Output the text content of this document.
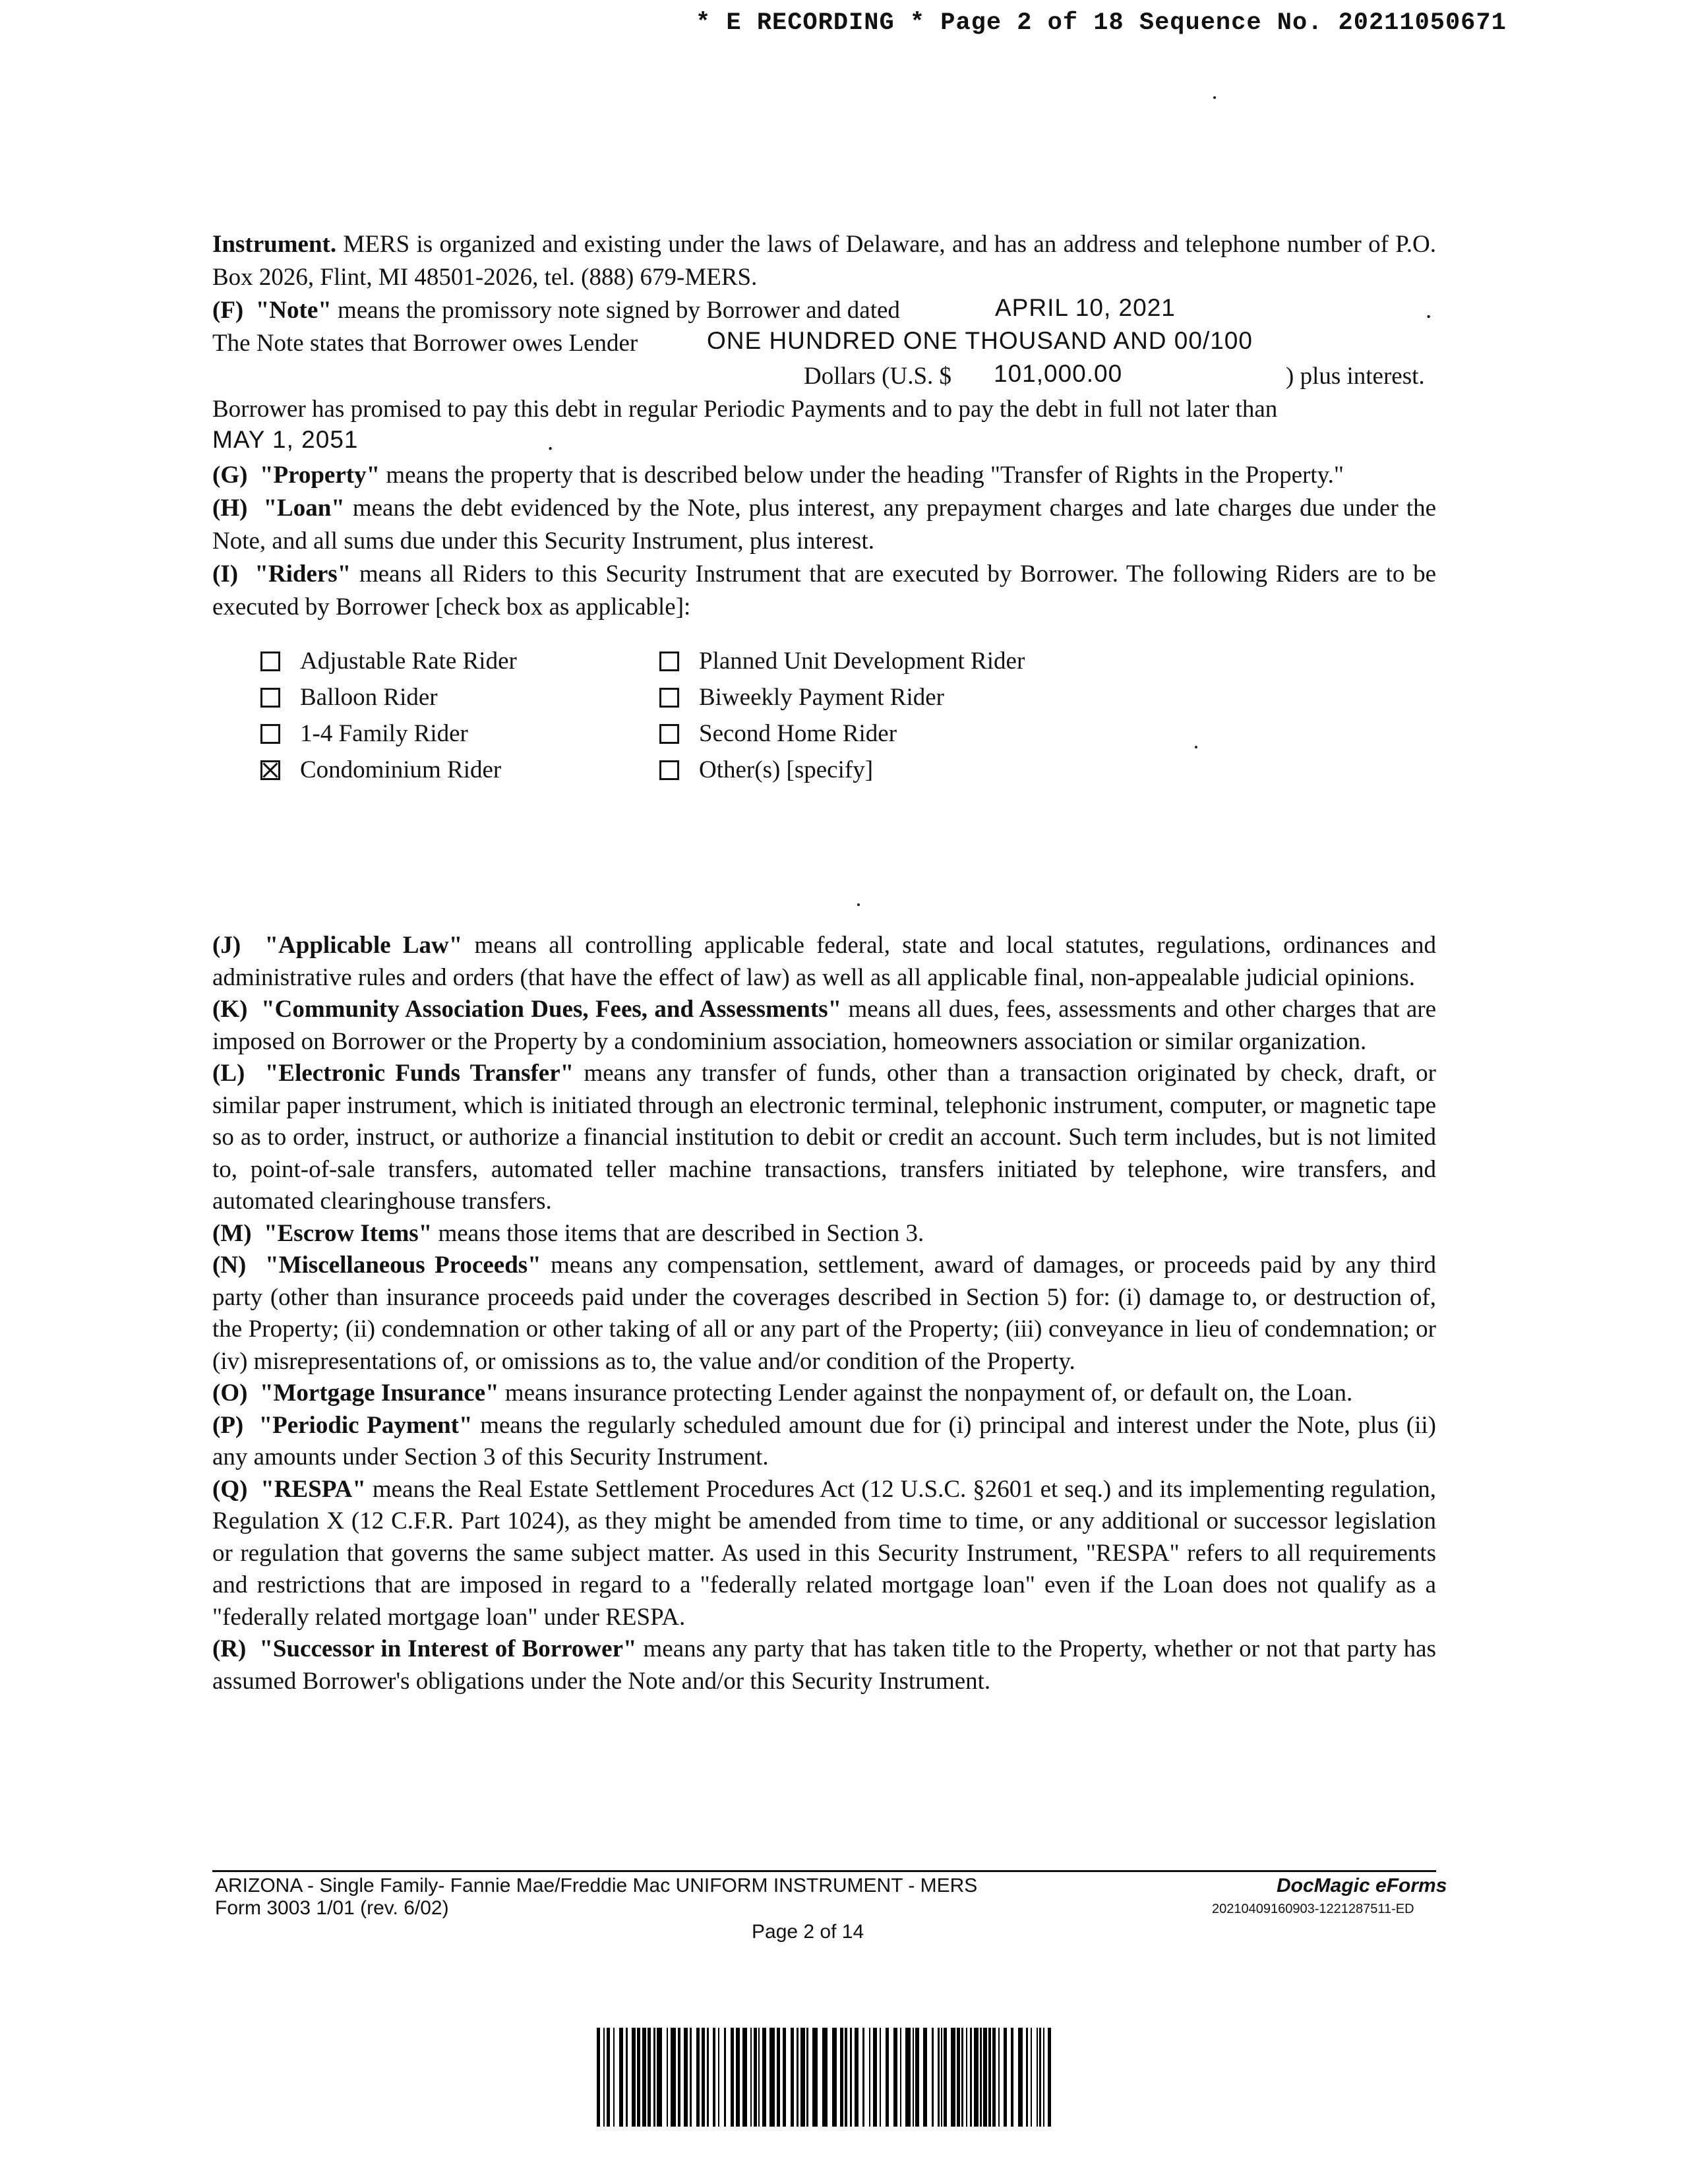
* E RECORDING * Page 2 of 18 Sequence No. 20211050671

Instrument. MERS is organized and existing under the laws of Delaware, and has an address and telephone number of P.O. Box 2026, Flint, MI 48501-2026, tel. (888) 679-MERS.

(F) "Note" means the promissory note signed by Borrower and dated	APRIL 10, 2021	.
The Note states that Borrower owes Lender	ONE HUNDRED ONE THOUSAND AND 00/100
Dollars (U.S. $ 101,000.00	) plus interest.

Borrower has promised to pay this debt in regular Periodic Payments and to pay the debt in full not later than

MAY 1, 2051	.

(G) "Property" means the property that is described below under the heading "Transfer of Rights in the Property."

(H) "Loan" means the debt evidenced by the Note, plus interest, any prepayment charges and late charges due under the Note, and all sums due under this Security Instrument, plus interest.

(I) "Riders" means all Riders to this Security Instrument that are executed by Borrower. The following Riders are to be executed by Borrower [check box as applicable]:

Adjustable Rate Rider
Balloon Rider
1-4 Family Rider
Condominium Rider
Planned Unit Development Rider
Biweekly Payment Rider
Second Home Rider
Other(s) [specify]

(J) "Applicable Law" means all controlling applicable federal, state and local statutes, regulations, ordinances and administrative rules and orders (that have the effect of law) as well as all applicable final, non-appealable judicial opinions.

(K) "Community Association Dues, Fees, and Assessments" means all dues, fees, assessments and other charges that are imposed on Borrower or the Property by a condominium association, homeowners association or similar organization.

(L) "Electronic Funds Transfer" means any transfer of funds, other than a transaction originated by check, draft, or similar paper instrument, which is initiated through an electronic terminal, telephonic instrument, computer, or magnetic tape so as to order, instruct, or authorize a financial institution to debit or credit an account. Such term includes, but is not limited to, point-of-sale transfers, automated teller machine transactions, transfers initiated by telephone, wire transfers, and automated clearinghouse transfers.

(M) "Escrow Items" means those items that are described in Section 3.

(N) "Miscellaneous Proceeds" means any compensation, settlement, award of damages, or proceeds paid by any third party (other than insurance proceeds paid under the coverages described in Section 5) for: (i) damage to, or destruction of, the Property; (ii) condemnation or other taking of all or any part of the Property; (iii) conveyance in lieu of condemnation; or (iv) misrepresentations of, or omissions as to, the value and/or condition of the Property.

(O) "Mortgage Insurance" means insurance protecting Lender against the nonpayment of, or default on, the Loan.

(P) "Periodic Payment" means the regularly scheduled amount due for (i) principal and interest under the Note, plus (ii) any amounts under Section 3 of this Security Instrument.

(Q) "RESPA" means the Real Estate Settlement Procedures Act (12 U.S.C. §2601 et seq.) and its implementing regulation, Regulation X (12 C.F.R. Part 1024), as they might be amended from time to time, or any additional or successor legislation or regulation that governs the same subject matter. As used in this Security Instrument, "RESPA" refers to all requirements and restrictions that are imposed in regard to a "federally related mortgage loan" even if the Loan does not qualify as a "federally related mortgage loan" under RESPA.

(R) "Successor in Interest of Borrower" means any party that has taken title to the Property, whether or not that party has assumed Borrower's obligations under the Note and/or this Security Instrument.

ARIZONA - Single Family- Fannie Mae/Freddie Mac UNIFORM INSTRUMENT - MERS
Form 3003 1/01 (rev. 6/02)
Page 2 of 14
DocMagic eForms
20210409160903-1221287511-ED
